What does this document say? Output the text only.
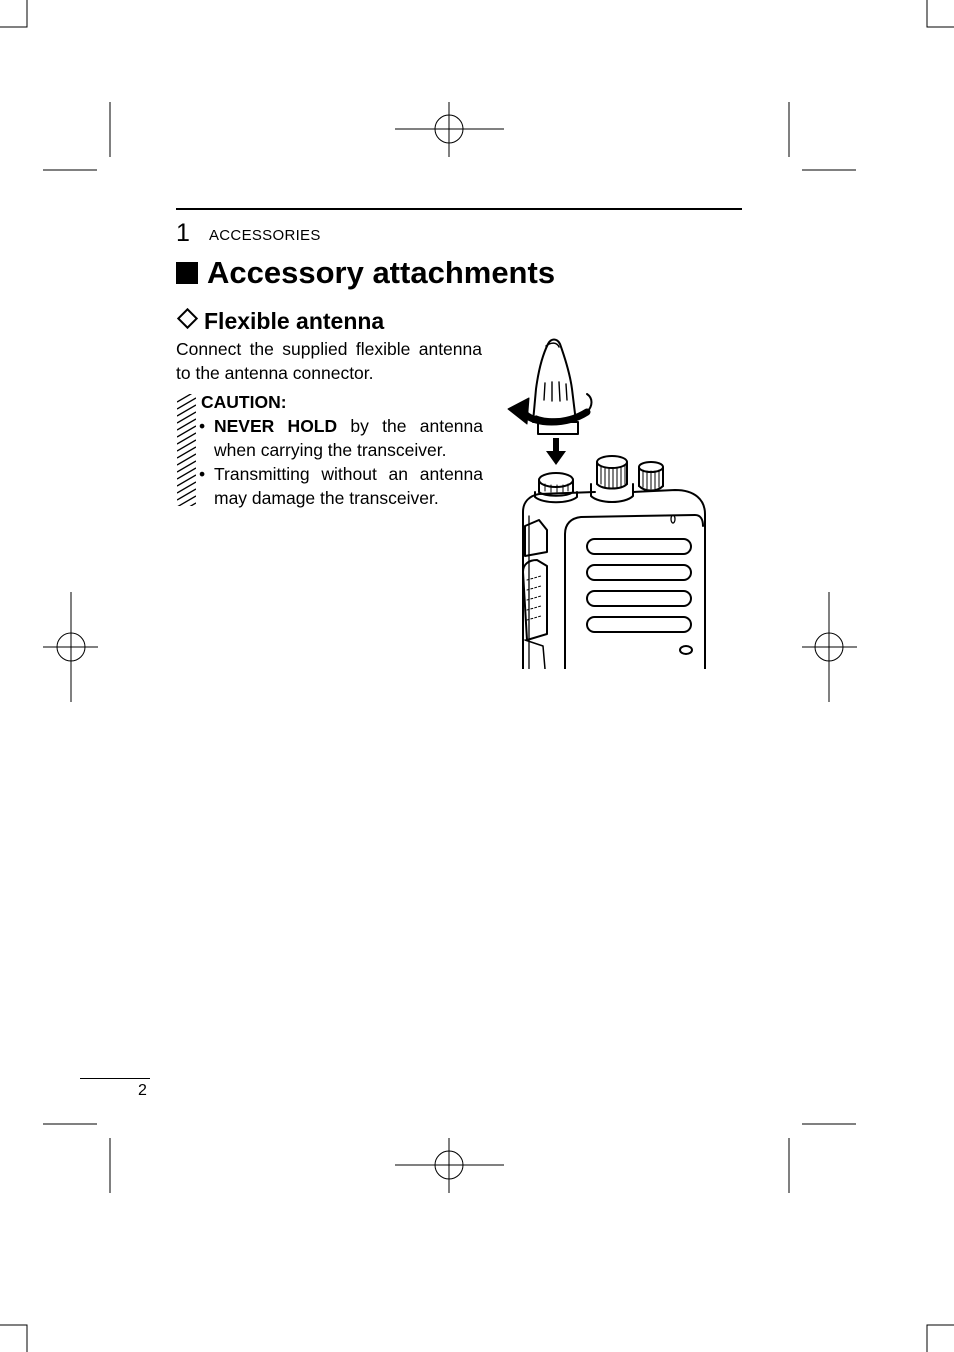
1 ACCESSORIES
Accessory attachments
Flexible antenna
Connect the supplied flexible antenna to the antenna connector.
CAUTION:
• NEVER HOLD by the antenna when carrying the transceiver.
• Transmitting without an antenna may damage the transceiver.
2
